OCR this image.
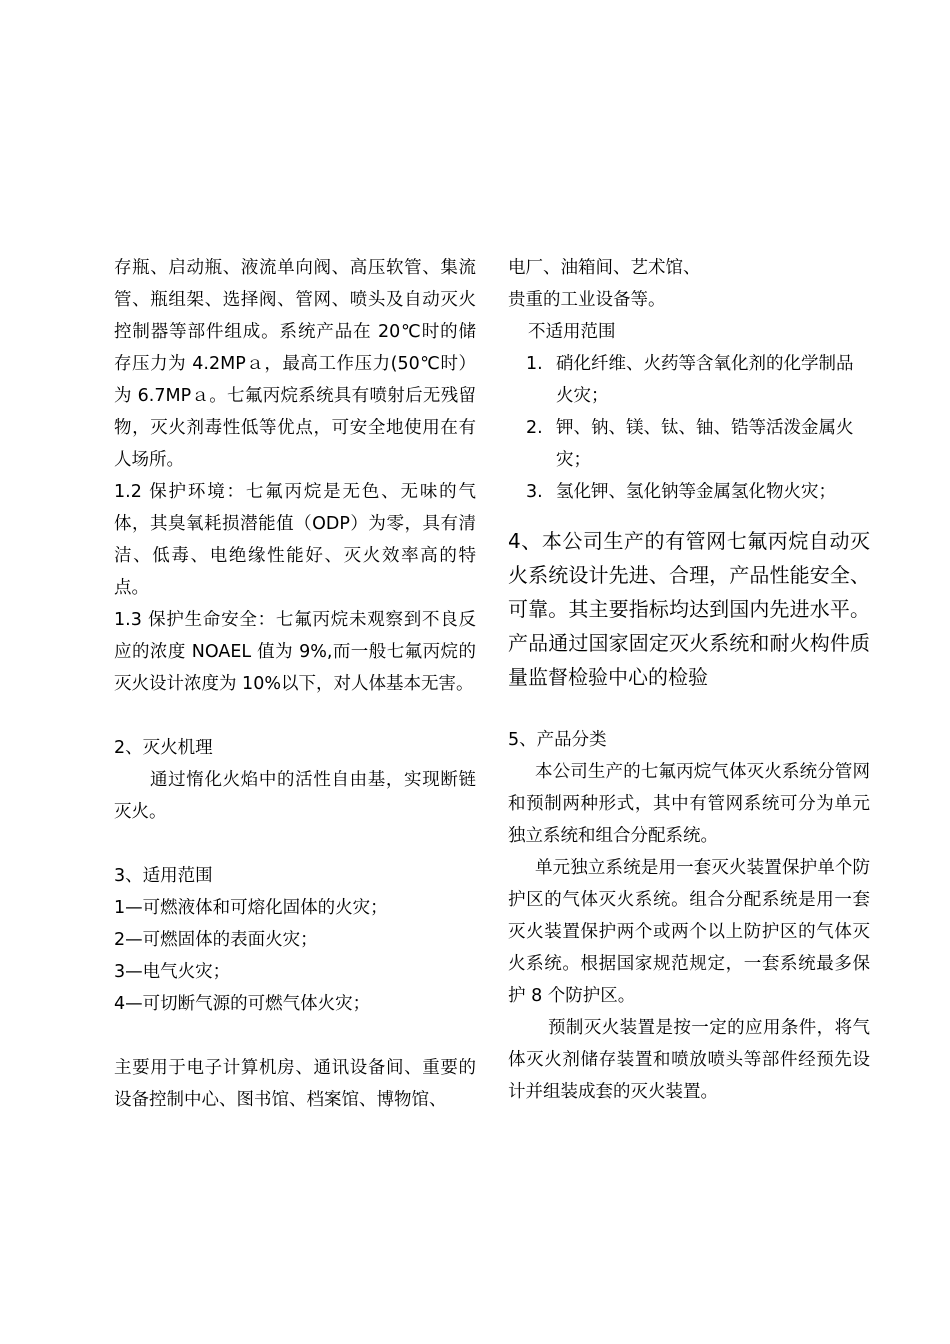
存瓶、启动瓶、液流单向阀、高压软管、集流管、瓶组架、选择阀、管网、喷头及自动灭火控制器等部件组成。系统产品在 20℃时的储存压力为 4.2MPａ，最高工作压力(50℃时）为 6.7MPａ。七氟丙烷系统具有喷射后无残留物，灭火剂毒性低等优点，可安全地使用在有人场所。

1.2 保护环境：七氟丙烷是无色、无味的气体，其臭氧耗损潜能值（ODP）为零，具有清洁、低毒、电绝缘性能好、灭火效率高的特点。

1.3 保护生命安全：七氟丙烷未观察到不良反应的浓度 NOAEL 值为 9%,而一般七氟丙烷的灭火设计浓度为 10%以下，对人体基本无害。

2、灭火机理

通过惰化火焰中的活性自由基，实现断链灭火。

3、适用范围

1—可燃液体和可熔化固体的火灾；

2—可燃固体的表面火灾；

3—电气火灾；

4—可切断气源的可燃气体火灾；

主要用于电子计算机房、通讯设备间、重要的设备控制中心、图书馆、档案馆、博物馆、

电厂、油箱间、艺术馆、

贵重的工业设备等。

不适用范围

1. 硝化纤维、火药等含氧化剂的化学制品火灾；
2. 钾、钠、镁、钛、铀、锆等活泼金属火灾；
3. 氢化钾、氢化钠等金属氢化物火灾；

4、本公司生产的有管网七氟丙烷自动灭火系统设计先进、合理，产品性能安全、可靠。其主要指标均达到国内先进水平。产品通过国家固定灭火系统和耐火构件质量监督检验中心的检验

5、产品分类

本公司生产的七氟丙烷气体灭火系统分管网和预制两种形式，其中有管网系统可分为单元独立系统和组合分配系统。

单元独立系统是用一套灭火装置保护单个防护区的气体灭火系统。组合分配系统是用一套灭火装置保护两个或两个以上防护区的气体灭火系统。根据国家规范规定，一套系统最多保护 8 个防护区。

预制灭火装置是按一定的应用条件，将气体灭火剂储存装置和喷放喷头等部件经预先设计并组装成套的灭火装置。
